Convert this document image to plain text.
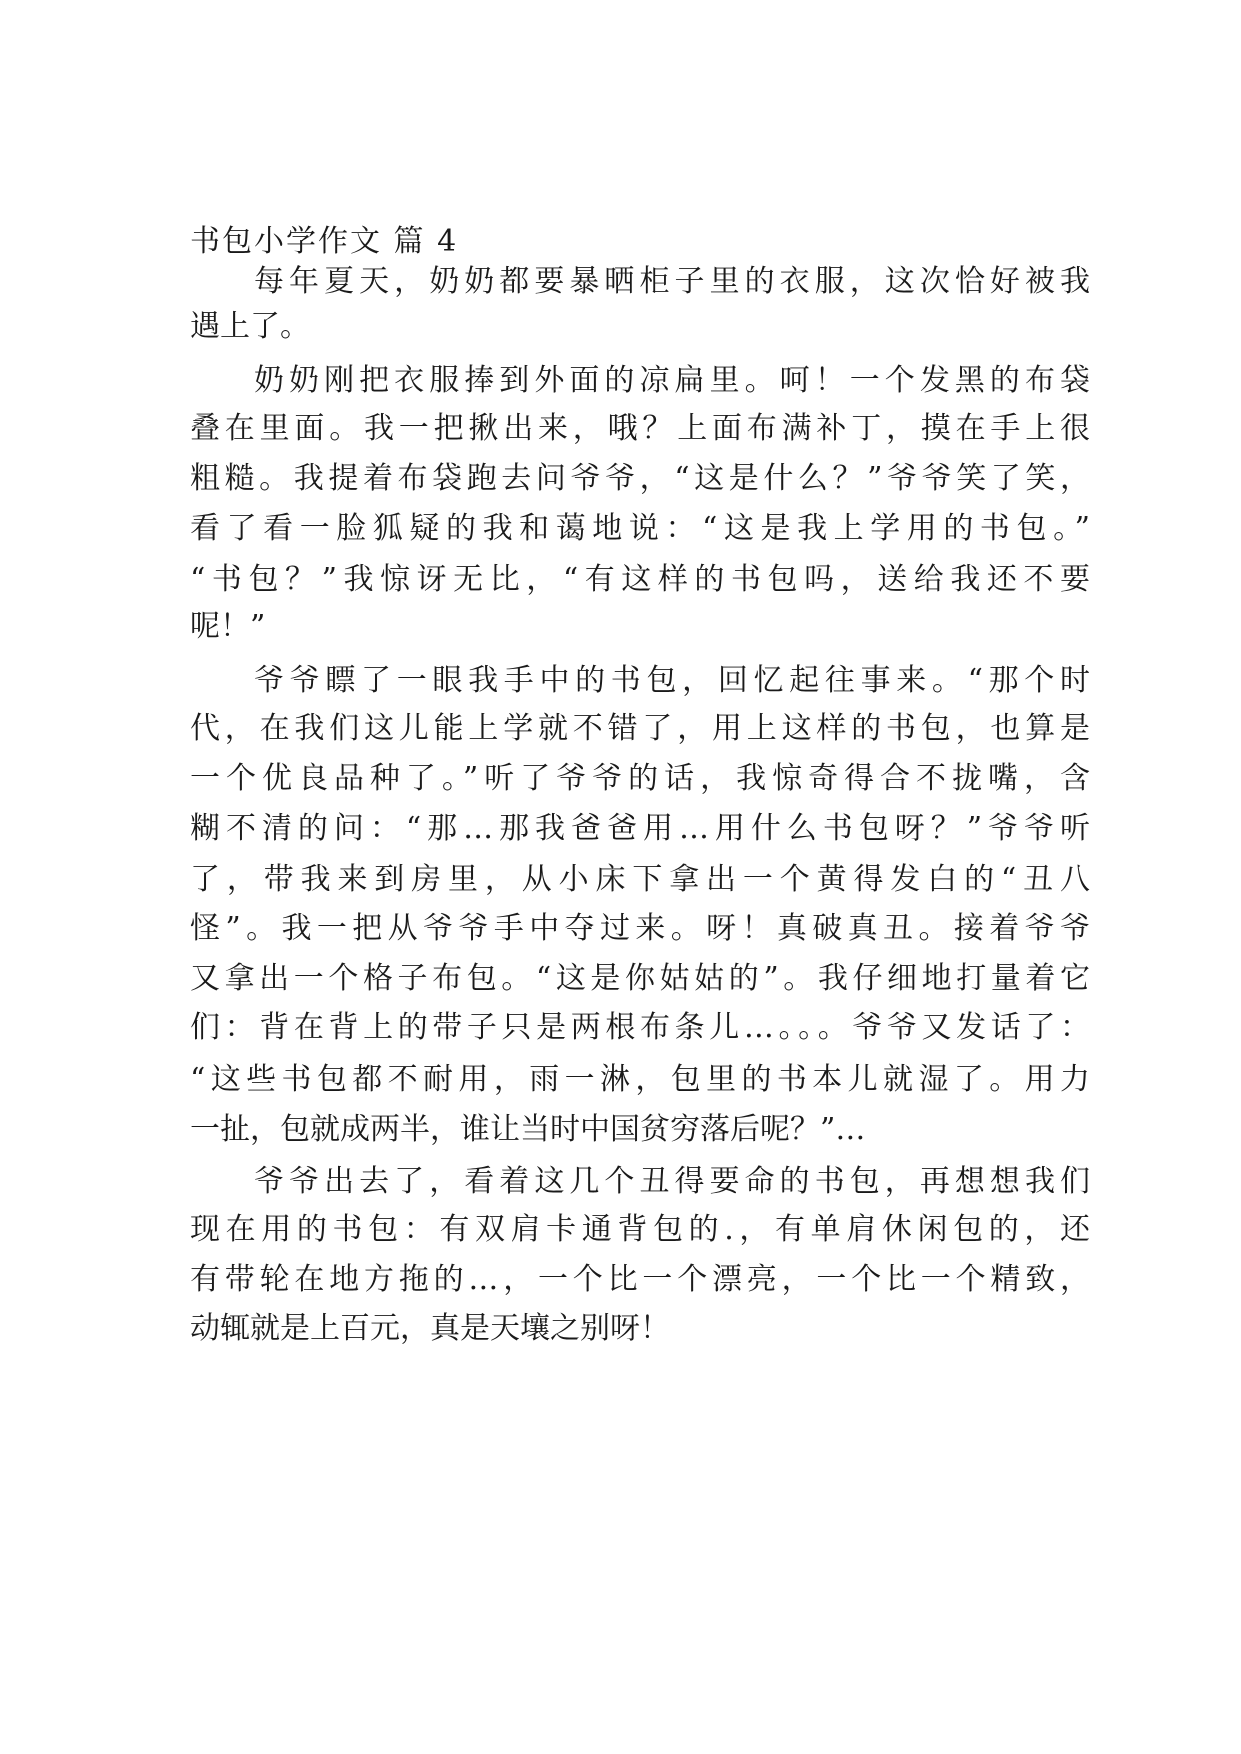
书包小学作文 篇 4
每年夏天，奶奶都要暴晒柜子里的衣服，这次恰好被我
遇上了。
奶奶刚把衣服捧到外面的凉扁里。呵！一个发黑的布袋
叠在里面。我一把揪出来，哦？上面布满补丁，摸在手上很
粗糙。我提着布袋跑去问爷爷，“这是什么？”爷爷笑了笑，
看了看一脸狐疑的我和蔼地说：“这是我上学用的书包。”
“书包？”我惊讶无比，“有这样的书包吗，送给我还不要
呢！”
爷爷瞟了一眼我手中的书包，回忆起往事来。“那个时
代，在我们这儿能上学就不错了，用上这样的书包，也算是
一个优良品种了。”听了爷爷的话，我惊奇得合不拢嘴，含
糊不清的问：“那…那我爸爸用…用什么书包呀？”爷爷听
了，带我来到房里，从小床下拿出一个黄得发白的“丑八
怪”。我一把从爷爷手中夺过来。呀！真破真丑。接着爷爷
又拿出一个格子布包。“这是你姑姑的”。我仔细地打量着它
们：背在背上的带子只是两根布条儿…。。。爷爷又发话了：
“这些书包都不耐用，雨一淋，包里的书本儿就湿了。用力
一扯，包就成两半，谁让当时中国贫穷落后呢？”…
爷爷出去了，看着这几个丑得要命的书包，再想想我们
现在用的书包：有双肩卡通背包的.，有单肩休闲包的，还
有带轮在地方拖的…，一个比一个漂亮，一个比一个精致，
动辄就是上百元，真是天壤之别呀！
